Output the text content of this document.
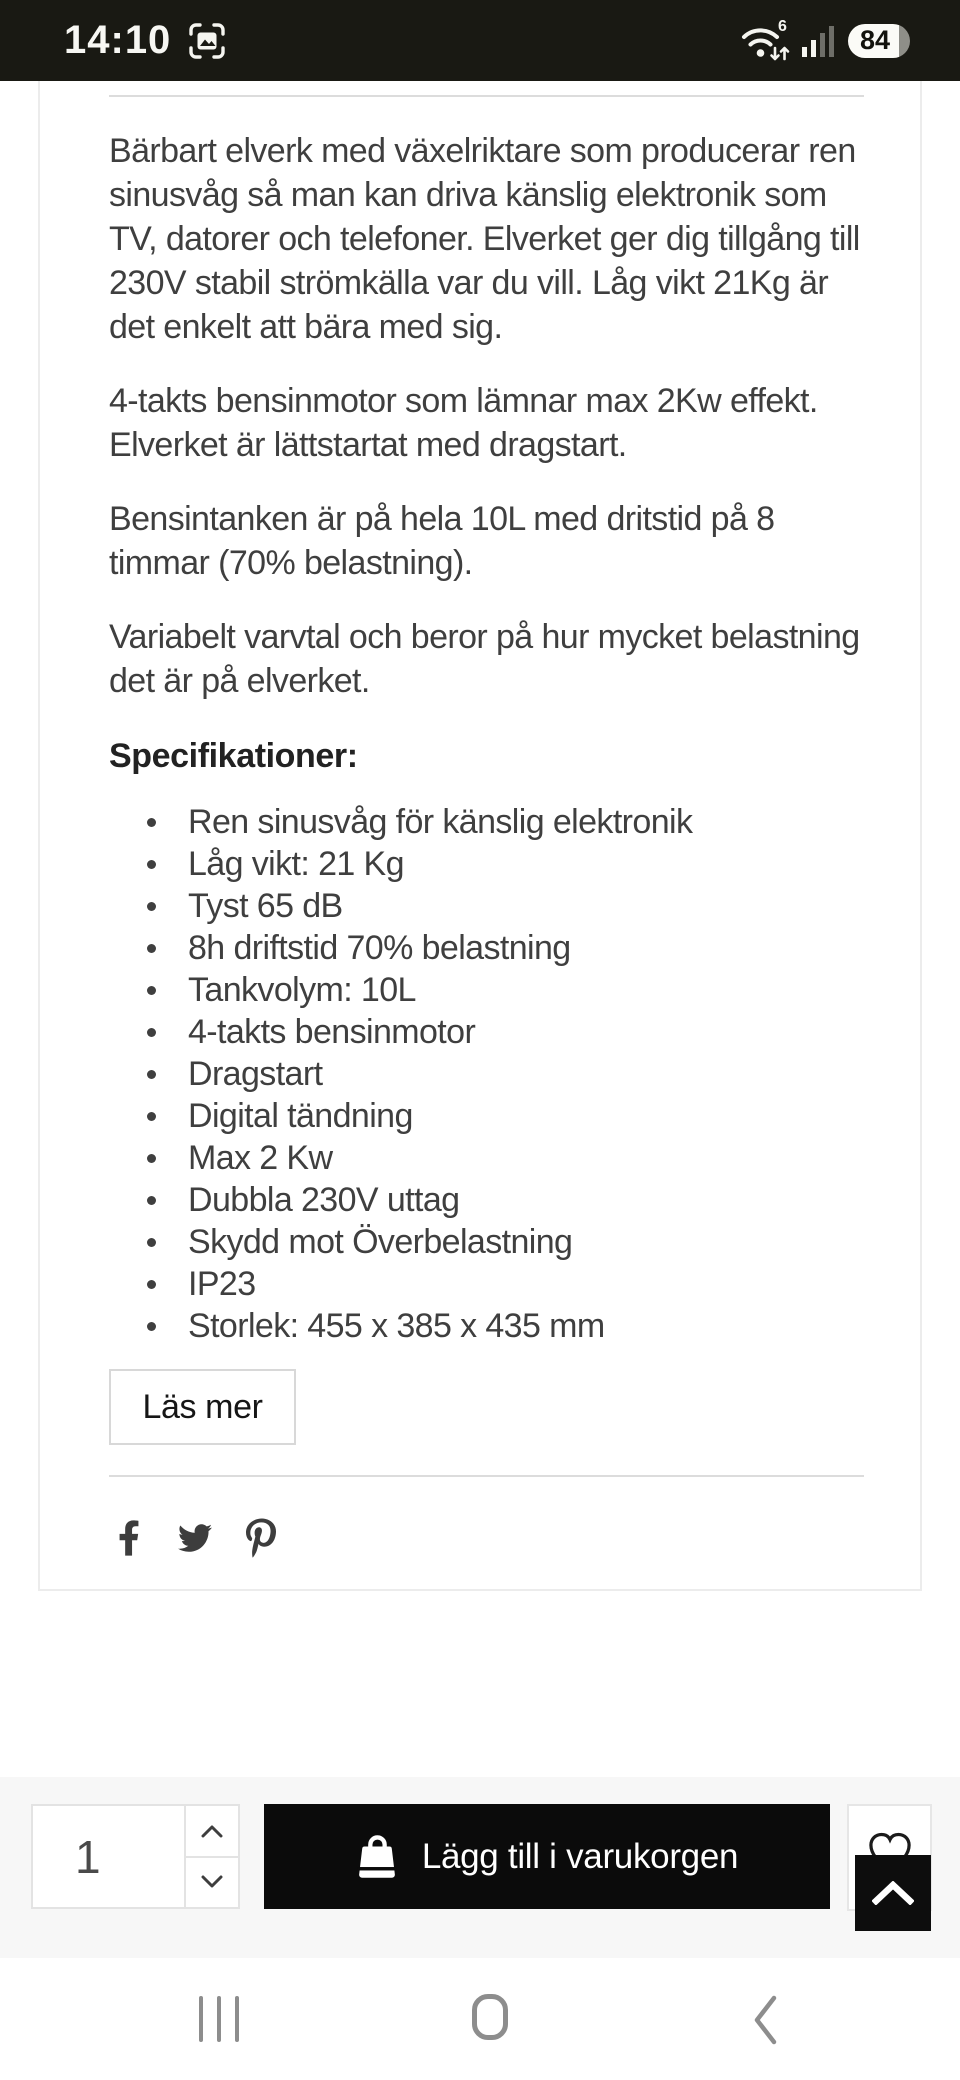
14:10	6	84

Bärbart elverk med växelriktare som producerar ren sinusvåg så man kan driva känslig elektronik som TV, datorer och telefoner. Elverket ger dig tillgång till 230V stabil strömkälla var du vill. Låg vikt 21Kg är det enkelt att bära med sig.

4-takts bensinmotor som lämnar max 2Kw effekt. Elverket är lättstartat med dragstart.

Bensintanken är på hela 10L med dritstid på 8 timmar (70% belastning).

Variabelt varvtal och beror på hur mycket belastning det är på elverket.

Specifikationer:
Ren sinusvåg för känslig elektronik
Låg vikt: 21 Kg
Tyst 65 dB
8h driftstid 70% belastning
Tankvolym: 10L
4-takts bensinmotor
Dragstart
Digital tändning
Max 2 Kw
Dubbla 230V uttag
Skydd mot Överbelastning
IP23
Storlek: 455 x 385 x 435 mm
Läs mer
1	Lägg till i varukorgen
